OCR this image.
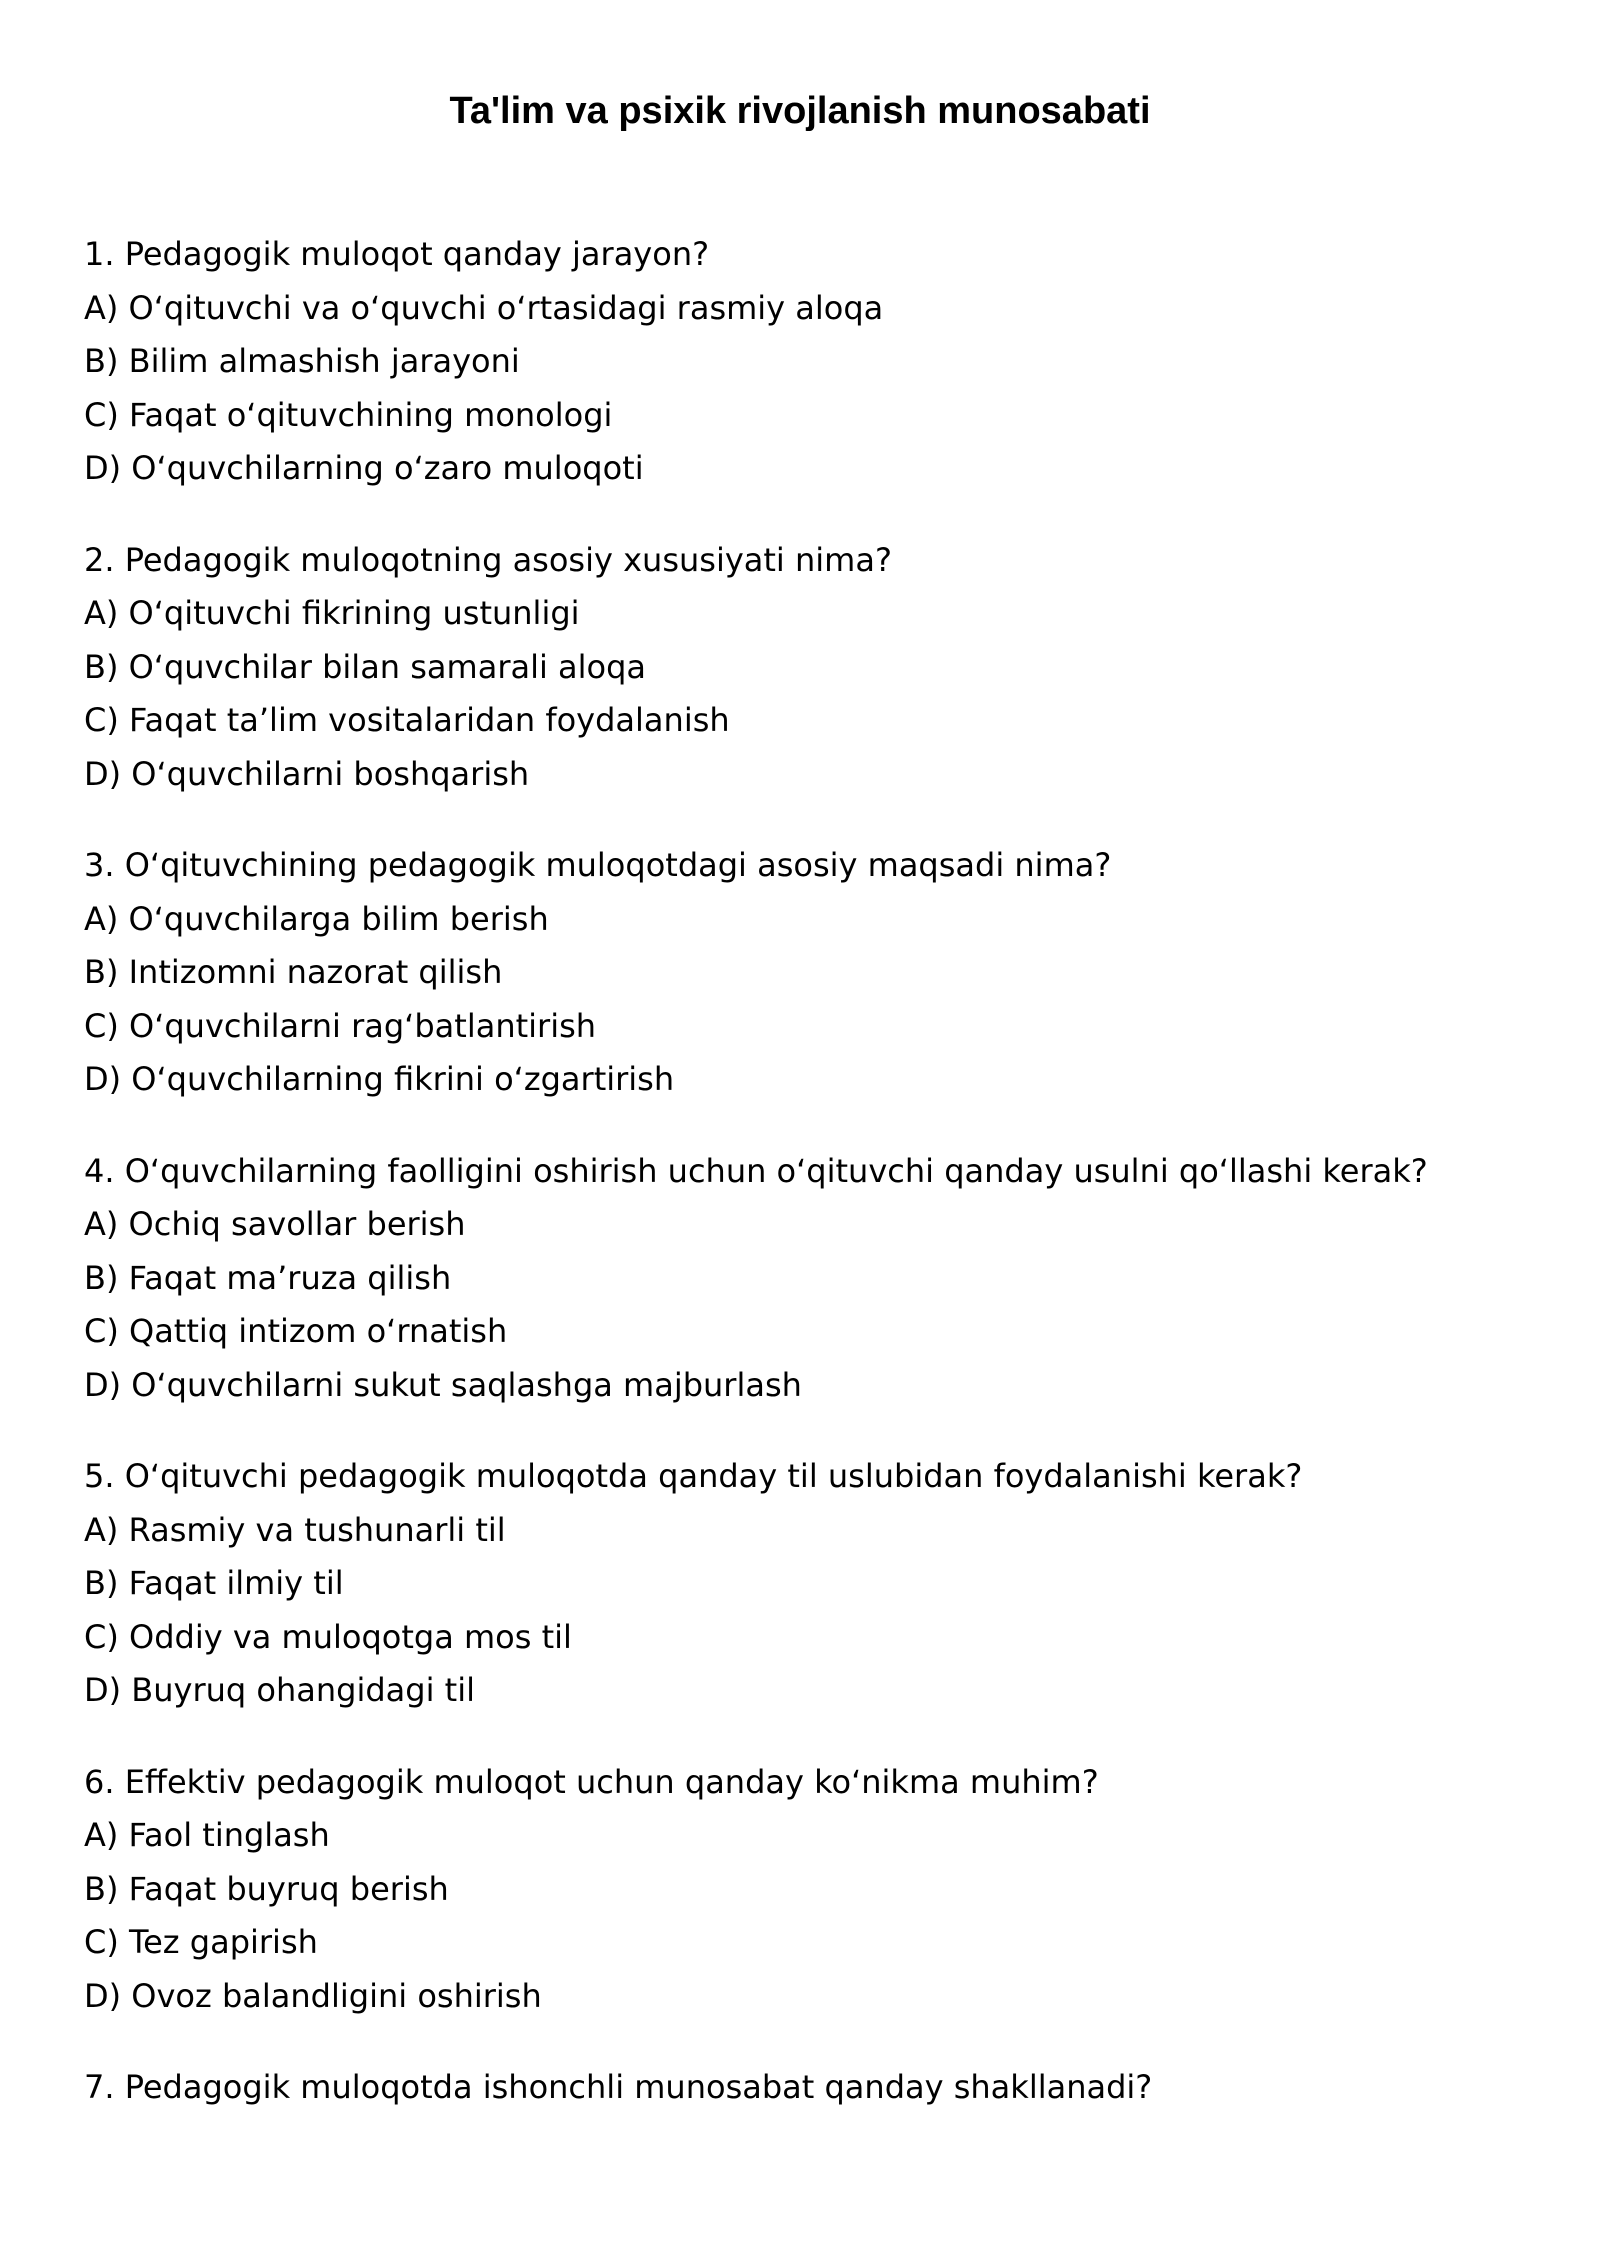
Ta'lim va psixik rivojlanish munosabati
1. Pedagogik muloqot qanday jarayon?
A) O‘qituvchi va o‘quvchi o‘rtasidagi rasmiy aloqa
B) Bilim almashish jarayoni
C) Faqat o‘qituvchining monologi
D) O‘quvchilarning o‘zaro muloqoti
2. Pedagogik muloqotning asosiy xususiyati nima?
A) O‘qituvchi fikrining ustunligi
B) O‘quvchilar bilan samarali aloqa
C) Faqat ta’lim vositalaridan foydalanish
D) O‘quvchilarni boshqarish
3. O‘qituvchining pedagogik muloqotdagi asosiy maqsadi nima?
A) O‘quvchilarga bilim berish
B) Intizomni nazorat qilish
C) O‘quvchilarni rag‘batlantirish
D) O‘quvchilarning fikrini o‘zgartirish
4. O‘quvchilarning faolligini oshirish uchun o‘qituvchi qanday usulni qo‘llashi kerak?
A) Ochiq savollar berish
B) Faqat ma’ruza qilish
C) Qattiq intizom o‘rnatish
D) O‘quvchilarni sukut saqlashga majburlash
5. O‘qituvchi pedagogik muloqotda qanday til uslubidan foydalanishi kerak?
A) Rasmiy va tushunarli til
B) Faqat ilmiy til
C) Oddiy va muloqotga mos til
D) Buyruq ohangidagi til
6. Effektiv pedagogik muloqot uchun qanday ko‘nikma muhim?
A) Faol tinglash
B) Faqat buyruq berish
C) Tez gapirish
D) Ovoz balandligini oshirish
7. Pedagogik muloqotda ishonchli munosabat qanday shakllanadi?
